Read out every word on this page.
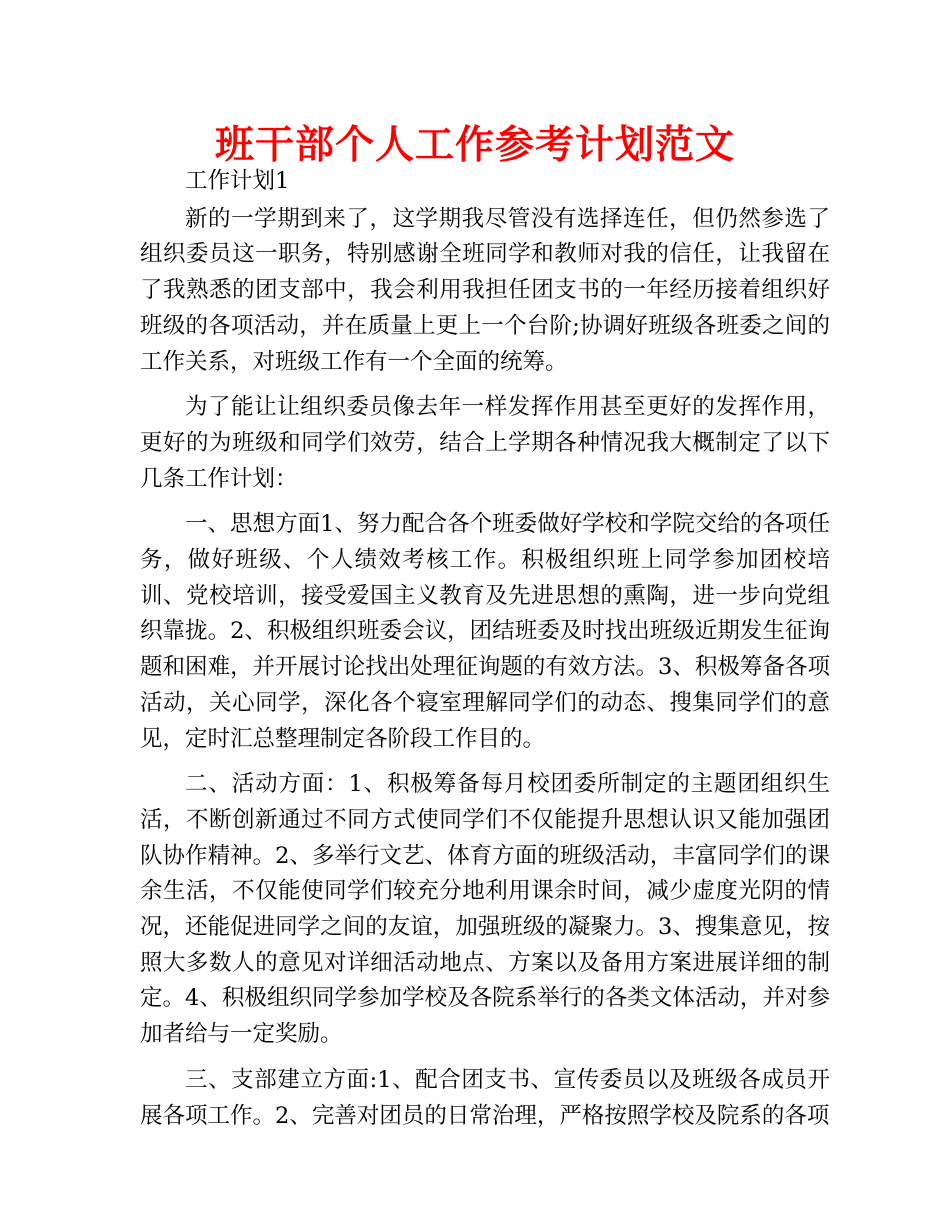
班干部个人工作参考计划范文

工作计划1

新的一学期到来了，这学期我尽管没有选择连任，但仍然参选了组织委员这一职务，特别感谢全班同学和教师对我的信任，让我留在了我熟悉的团支部中，我会利用我担任团支书的一年经历接着组织好班级的各项活动，并在质量上更上一个台阶;协调好班级各班委之间的工作关系，对班级工作有一个全面的统筹。

为了能让让组织委员像去年一样发挥作用甚至更好的发挥作用，更好的为班级和同学们效劳，结合上学期各种情况我大概制定了以下几条工作计划：

一、思想方面1、努力配合各个班委做好学校和学院交给的各项任务，做好班级、个人绩效考核工作。积极组织班上同学参加团校培训、党校培训，接受爱国主义教育及先进思想的熏陶，进一步向党组织靠拢。2、积极组织班委会议，团结班委及时找出班级近期发生征询题和困难，并开展讨论找出处理征询题的有效方法。3、积极筹备各项活动，关心同学，深化各个寝室理解同学们的动态、搜集同学们的意见，定时汇总整理制定各阶段工作目的。

二、活动方面：1、积极筹备每月校团委所制定的主题团组织生活，不断创新通过不同方式使同学们不仅能提升思想认识又能加强团队协作精神。2、多举行文艺、体育方面的班级活动，丰富同学们的课余生活，不仅能使同学们较充分地利用课余时间，减少虚度光阴的情况，还能促进同学之间的友谊，加强班级的凝聚力。3、搜集意见，按照大多数人的意见对详细活动地点、方案以及备用方案进展详细的制定。4、积极组织同学参加学校及各院系举行的各类文体活动，并对参加者给与一定奖励。

三、支部建立方面:1、配合团支书、宣传委员以及班级各成员开展各项工作。2、完善对团员的日常治理，严格按照学校及院系的各项
